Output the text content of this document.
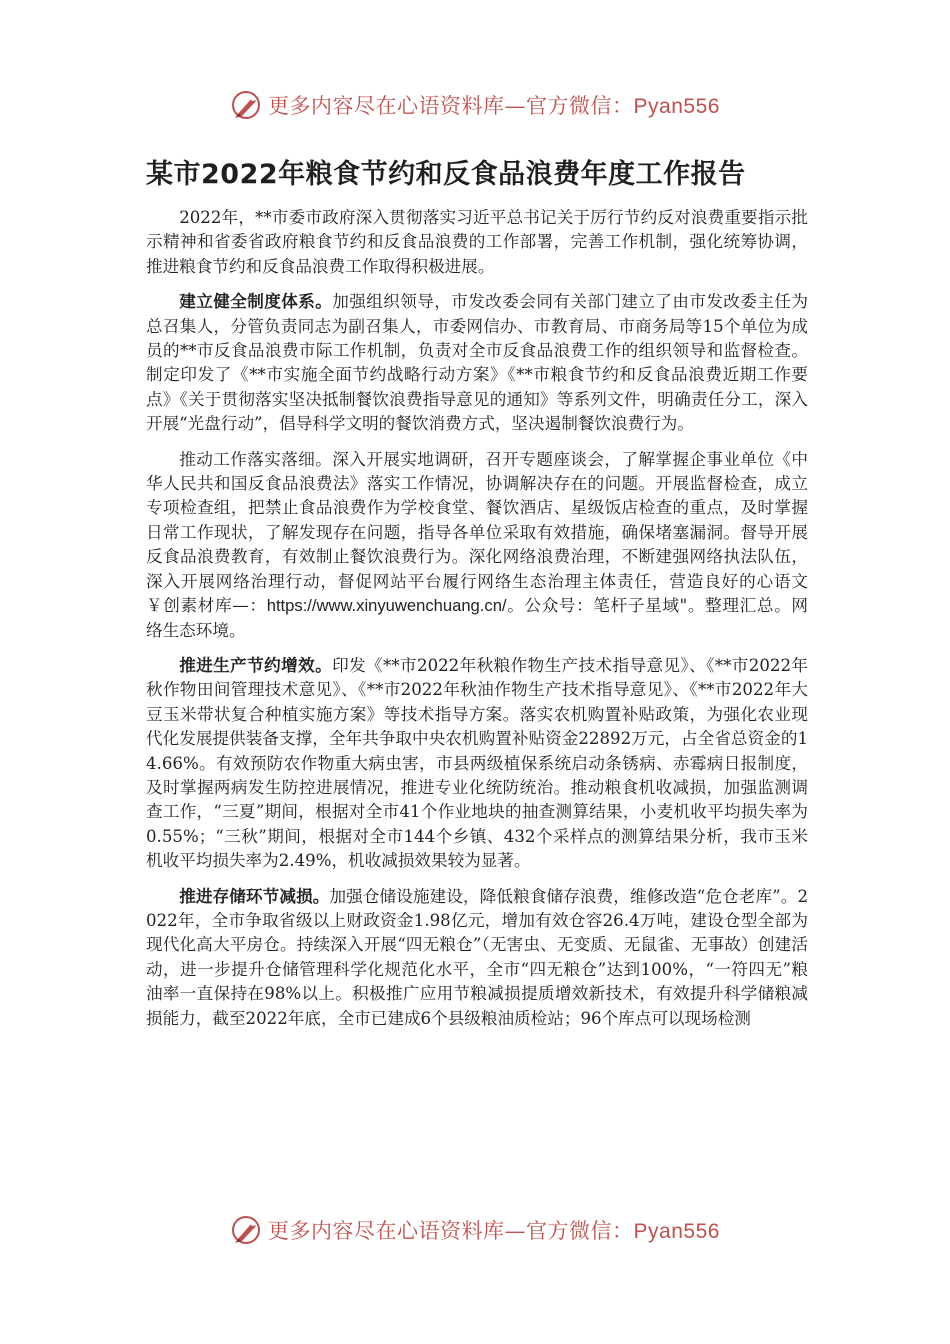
更多内容尽在心语资料库—官方微信：Pyan556
某市2022年粮食节约和反食品浪费年度工作报告

2022年，**市委市政府深入贯彻落实习近平总书记关于厉行节约反对浪费重要指示批示精神和省委省政府粮食节约和反食品浪费的工作部署，完善工作机制，强化统筹协调，推进粮食节约和反食品浪费工作取得积极进展。

建立健全制度体系。加强组织领导，市发改委会同有关部门建立了由市发改委主任为总召集人，分管负责同志为副召集人，市委网信办、市教育局、市商务局等15个单位为成员的**市反食品浪费市际工作机制，负责对全市反食品浪费工作的组织领导和监督检查。制定印发了《**市实施全面节约战略行动方案》《**市粮食节约和反食品浪费近期工作要点》《关于贯彻落实坚决抵制餐饮浪费指导意见的通知》等系列文件，明确责任分工，深入开展“光盘行动”，倡导科学文明的餐饮消费方式，坚决遏制餐饮浪费行为。

推动工作落实落细。深入开展实地调研，召开专题座谈会，了解掌握企事业单位《中华人民共和国反食品浪费法》落实工作情况，协调解决存在的问题。开展监督检查，成立专项检查组，把禁止食品浪费作为学校食堂、餐饮酒店、星级饭店检查的重点，及时掌握日常工作现状，了解发现存在问题，指导各单位采取有效措施，确保堵塞漏洞。督导开展反食品浪费教育，有效制止餐饮浪费行为。深化网络浪费治理，不断建强网络执法队伍，深入开展网络治理行动，督促网站平台履行网络生态治理主体责任，营造良好的心语文￥创素材库—：https://www.xinyuwenchuang.cn/。公众号：笔杆子星域"。整理汇总。网络生态环境。

推进生产节约增效。印发《**市2022年秋粮作物生产技术指导意见》、《**市2022年秋作物田间管理技术意见》、《**市2022年秋油作物生产技术指导意见》、《**市2022年大豆玉米带状复合种植实施方案》等技术指导方案。落实农机购置补贴政策，为强化农业现代化发展提供装备支撑，全年共争取中央农机购置补贴资金22892万元，占全省总资金的14.66%。有效预防农作物重大病虫害，市县两级植保系统启动条锈病、赤霉病日报制度，及时掌握两病发生防控进展情况，推进专业化统防统治。推动粮食机收减损，加强监测调查工作，“三夏”期间，根据对全市41个作业地块的抽查测算结果，小麦机收平均损失率为0.55%；“三秋”期间，根据对全市144个乡镇、432个采样点的测算结果分析，我市玉米机收平均损失率为2.49%，机收减损效果较为显著。

推进存储环节减损。加强仓储设施建设，降低粮食储存浪费，维修改造“危仓老库”。2022年，全市争取省级以上财政资金1.98亿元，增加有效仓容26.4万吨，建设仓型全部为现代化高大平房仓。持续深入开展“四无粮仓”（无害虫、无变质、无鼠雀、无事故）创建活动，进一步提升仓储管理科学化规范化水平，全市“四无粮仓”达到100%，“一符四无”粮油率一直保持在98%以上。积极推广应用节粮减损提质增效新技术，有效提升科学储粮减损能力，截至2022年底，全市已建成6个县级粮油质检站；96个库点可以现场检测

更多内容尽在心语资料库—官方微信：Pyan556
